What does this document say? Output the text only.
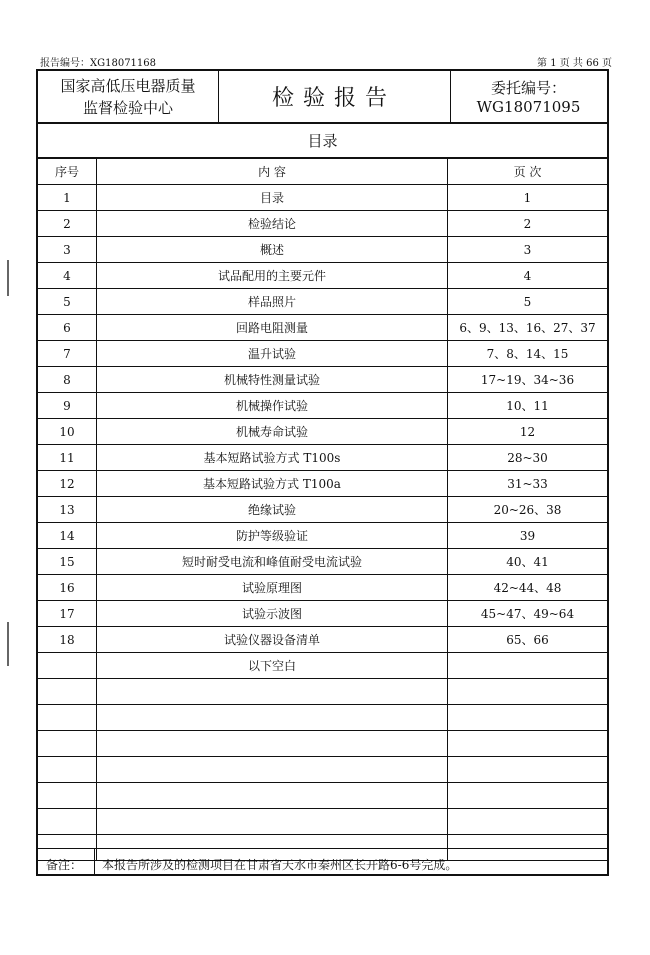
报告编号：XG18071168	第 1 页 共 66 页
国家高低压电器质量
监督检验中心	检验报告	委托编号：WG18071095
目录
序号	内 容	页 次
1	目录	1
2	检验结论	2
3	概述	3
4	试品配用的主要元件	4
5	样品照片	5
6	回路电阻测量	6、9、13、16、27、37
7	温升试验	7、8、14、15
8	机械特性测量试验	17~19、34~36
9	机械操作试验	10、11
10	机械寿命试验	12
11	基本短路试验方式 T100s	28~30
12	基本短路试验方式 T100a	31~33
13	绝缘试验	20~26、38
14	防护等级验证	39
15	短时耐受电流和峰值耐受电流试验	40、41
16	试验原理图	42~44、48
17	试验示波图	45~47、49~64
18	试验仪器设备清单	65、66
	以下空白	

备注： 本报告所涉及的检测项目在甘肃省天水市秦州区长开路6-6号完成。
